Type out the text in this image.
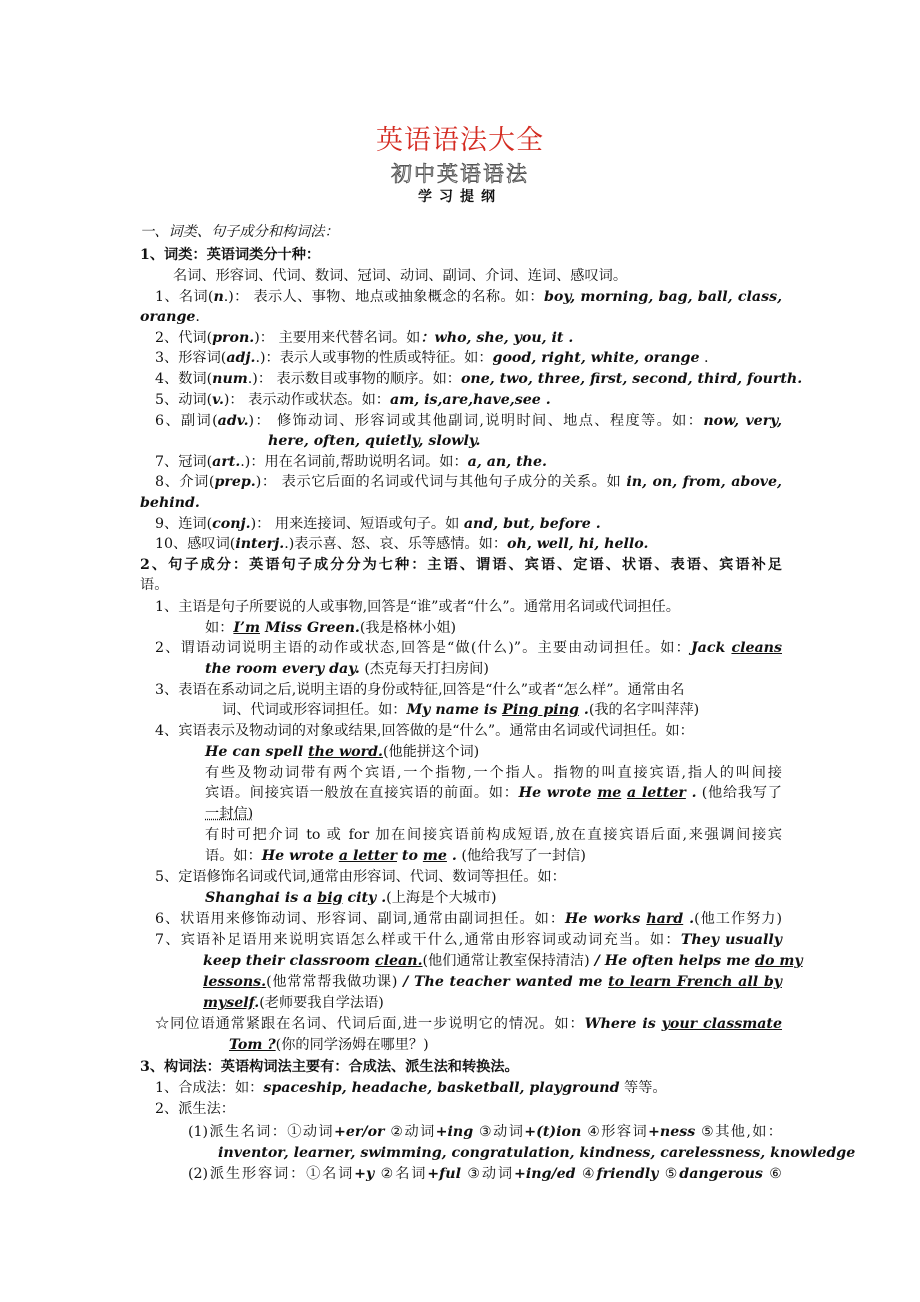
英语语法大全
初中英语语法
学习提纲
一、词类、句子成分和构词法：
1、词类：英语词类分十种：
名词、形容词、代词、数词、冠词、动词、副词、介词、连词、感叹词。
1、名词(n.)： 表示人、事物、地点或抽象概念的名称。如：boy, morning, bag, ball, class,
orange.
2、代词(pron.)： 主要用来代替名词。如：who, she, you, it .
3、形容词(adj..)：表示人或事物的性质或特征。如：good, right, white, orange .
4、数词(num.)： 表示数目或事物的顺序。如：one, two, three, first, second, third, fourth.
5、动词(v.)： 表示动作或状态。如：am, is,are,have,see .
6、副词(adv.)： 修饰动词、形容词或其他副词,说明时间、地点、程度等。如：now, very,
here, often, quietly, slowly.
7、冠词(art..)：用在名词前,帮助说明名词。如：a, an, the.
8、介词(prep.)： 表示它后面的名词或代词与其他句子成分的关系。如 in, on, from, above,
behind.
9、连词(conj.)： 用来连接词、短语或句子。如 and, but, before .
10、感叹词(interj..)表示喜、怒、哀、乐等感情。如：oh, well, hi, hello.
2、句子成分：英语句子成分分为七种：主语、谓语、宾语、定语、状语、表语、宾语补足
语。
1、主语是句子所要说的人或事物,回答是“谁”或者“什么”。通常用名词或代词担任。
如：I’m Miss Green.(我是格林小姐)
2、谓语动词说明主语的动作或状态,回答是“做(什么)”。主要由动词担任。如：Jack cleans
the room every day. (杰克每天打扫房间)
3、表语在系动词之后,说明主语的身份或特征,回答是“什么”或者“怎么样”。通常由名
词、代词或形容词担任。如：My name is Ping ping .(我的名字叫萍萍)
4、宾语表示及物动词的对象或结果,回答做的是“什么”。通常由名词或代词担任。如：
He can spell the word.(他能拼这个词)
有些及物动词带有两个宾语,一个指物,一个指人。指物的叫直接宾语,指人的叫间接
宾语。间接宾语一般放在直接宾语的前面。如：He wrote me a letter . (他给我写了
一封信)
有时可把介词 to 或 for 加在间接宾语前构成短语,放在直接宾语后面,来强调间接宾
语。如：He wrote a letter to me . (他给我写了一封信)
5、定语修饰名词或代词,通常由形容词、代词、数词等担任。如：
Shanghai is a big city .(上海是个大城市)
6、状语用来修饰动词、形容词、副词,通常由副词担任。如：He works hard .(他工作努力)
7、宾语补足语用来说明宾语怎么样或干什么,通常由形容词或动词充当。如：They usually
keep their classroom clean.(他们通常让教室保持清洁) / He often helps me do my
lessons.(他常常帮我做功课) / The teacher wanted me to learn French all by
myself.(老师要我自学法语)
☆同位语通常紧跟在名词、代词后面,进一步说明它的情况。如：Where is your classmate
Tom ?(你的同学汤姆在哪里？)
3、构词法：英语构词法主要有：合成法、派生法和转换法。
1、合成法：如：spaceship, headache, basketball, playground 等等。
2、派生法：
(1)派生名词：①动词+er/or ②动词+ing ③动词+(t)ion ④形容词+ness ⑤其他,如：
inventor, learner, swimming, congratulation, kindness, carelessness, knowledge
(2)派生形容词：①名词+y ②名词+ful ③动词+ing/ed ④friendly ⑤dangerous ⑥
